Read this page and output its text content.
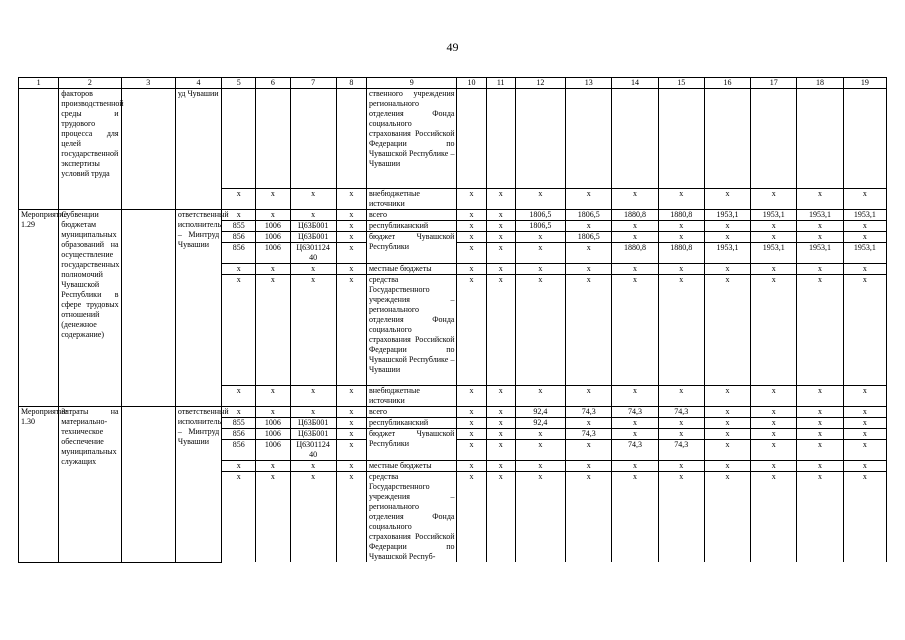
49
1	2	3	4	5	6	7	8	9	10	11	12	13	14	15	16	17	18	19
	факторов производственной среды и трудового процесса для целей государственной экспертизы условий труда		уд Чувашии					ственного учреждения регионального отделения Фонда социального страхования Российской Федерации по Чувашской Республике – Чувашии										
				x	x	x	x	внебюджетные источники	x	x	x	x	x	x	x	x	x	x
Мероприятие 1.29	Субвенции бюджетам муниципальных образований на осуществление государственных полномочий Чувашской Республики в сфере трудовых отношений (денежное содержание)		ответственный исполнитель – Минтруд Чувашии	x	x	x	x	всего	x	x	1806,5	1806,5	1880,8	1880,8	1953,1	1953,1	1953,1	1953,1
				855	1006	Ц63Б001	x	республиканский	x	x	1806,5	x	x	x	x	x	x	x
				856	1006	Ц63Б001	x	бюджет Чувашской Республики	x	x	x	1806,5	x	x	x	x	x	x
				856	1006	Ц6301124 40	x		x	x	x	x	1880,8	1880,8	1953,1	1953,1	1953,1	1953,1
				x	x	x	x	местные бюджеты	x	x	x	x	x	x	x	x	x	x
				x	x	x	x	средства Государственного учреждения – регионального отделения Фонда социального страхования Российской Федерации по Чувашской Республике – Чувашии	x	x	x	x	x	x	x	x	x	x
				x	x	x	x	внебюджетные источники	x	x	x	x	x	x	x	x	x	x
Мероприятие 1.30	Затраты на материально-техническое обеспечение муниципальных служащих		ответственный исполнитель – Минтруд Чувашии	x	x	x	x	всего	x	x	92,4	74,3	74,3	74,3	x	x	x	x
				855	1006	Ц63Б001	x	республиканский	x	x	92,4	x	x	x	x	x	x	x
				856	1006	Ц63Б001	x	бюджет Чувашской Республики	x	x	x	74,3	x	x	x	x	x	x
				856	1006	Ц6301124 40	x		x	x	x	x	74,3	74,3	x	x	x	x
				x	x	x	x	местные бюджеты	x	x	x	x	x	x	x	x	x	x
				x	x	x	x	средства Государственного учреждения – регионального отделения Фонда социального страхования Российской Федерации по Чувашской Респуб-	x	x	x	x	x	x	x	x	x	x
